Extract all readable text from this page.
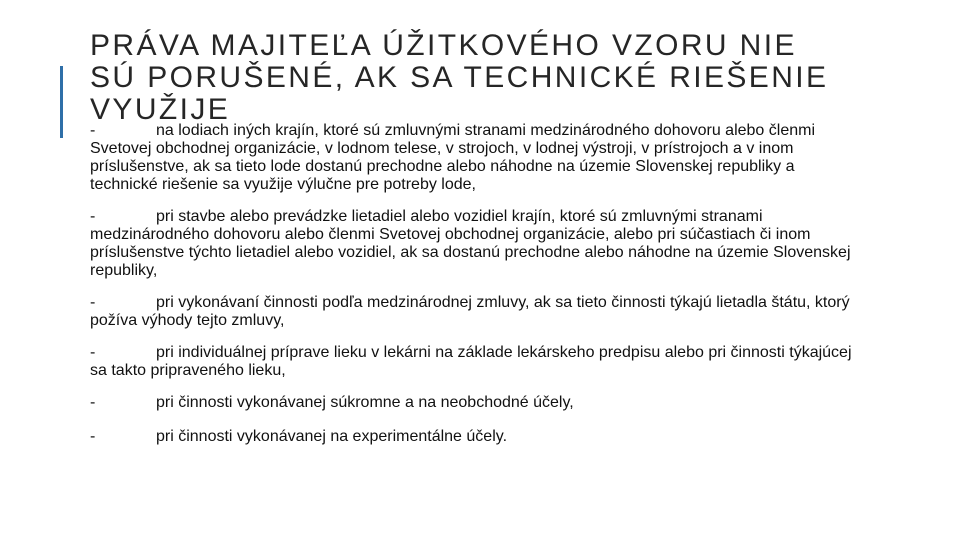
PRÁVA MAJITEĽA ÚŽITKOVÉHO VZORU NIE SÚ PORUŠENÉ, AK SA TECHNICKÉ RIEŠENIE VYUŽIJE
-	na lodiach iných krajín, ktoré sú zmluvnými stranami medzinárodného dohovoru alebo členmi Svetovej obchodnej organizácie, v lodnom telese, v strojoch, v lodnej výstroji, v prístrojoch a v inom príslušenstve, ak sa tieto lode dostanú prechodne alebo náhodne na územie Slovenskej republiky a technické riešenie sa využije výlučne pre potreby lode,
-	pri stavbe alebo prevádzke lietadiel alebo vozidiel krajín, ktoré sú zmluvnými stranami medzinárodného dohovoru alebo členmi Svetovej obchodnej organizácie, alebo pri súčastiach či inom príslušenstve týchto lietadiel alebo vozidiel, ak sa dostanú prechodne alebo náhodne na územie Slovenskej republiky,
-	pri vykonávaní činnosti podľa medzinárodnej zmluvy, ak sa tieto činnosti týkajú lietadla štátu, ktorý požíva výhody tejto zmluvy,
-	pri individuálnej príprave lieku v lekárni na základe lekárskeho predpisu alebo pri činnosti týkajúcej sa takto pripraveného lieku,
-	pri činnosti vykonávanej súkromne a na neobchodné účely,
-	pri činnosti vykonávanej na experimentálne účely.
